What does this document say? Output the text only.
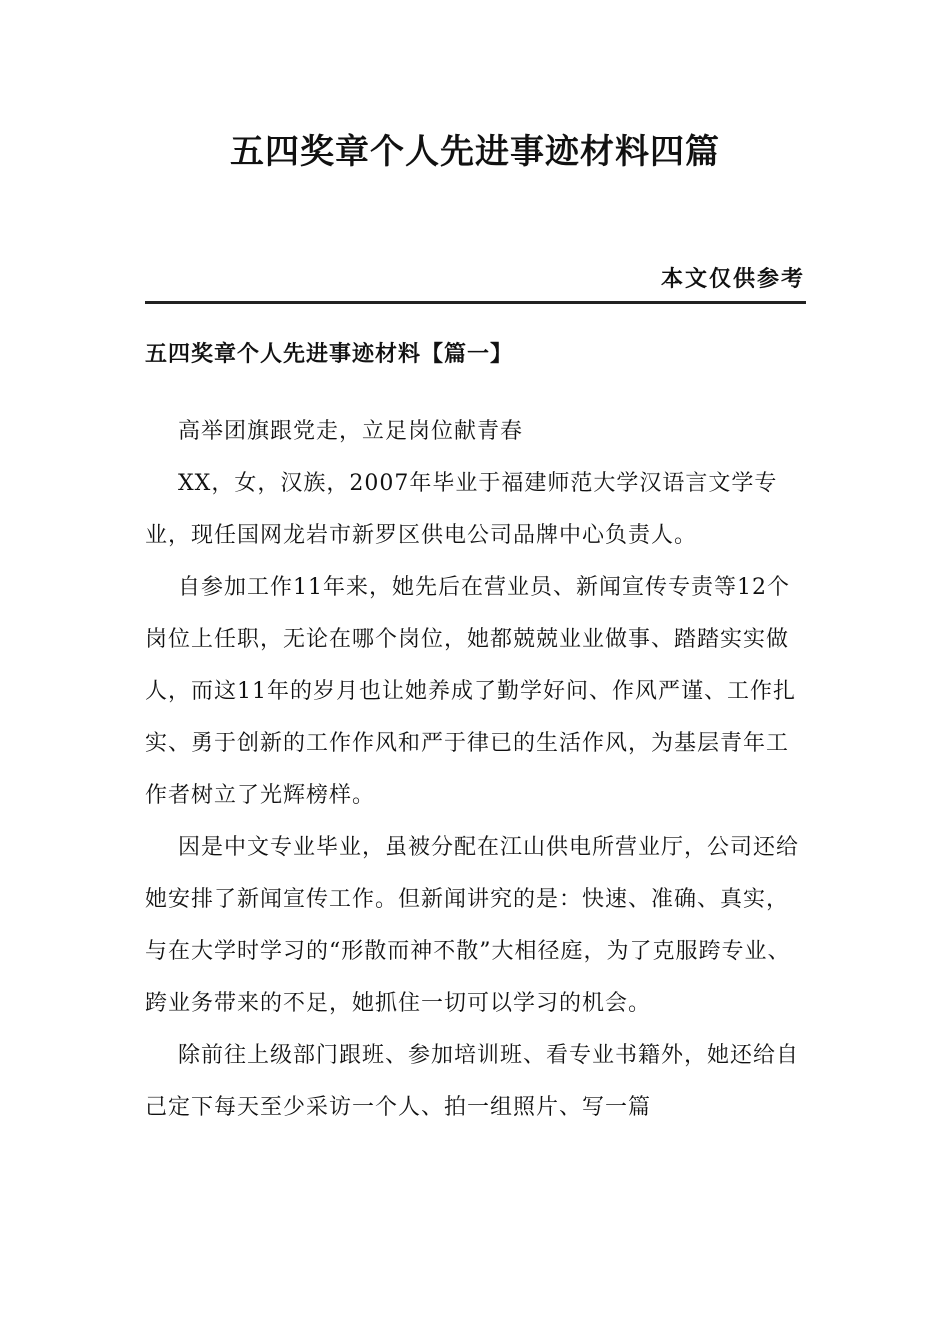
五四奖章个人先进事迹材料四篇
本文仅供参考
五四奖章个人先进事迹材料【篇一】

高举团旗跟党走，立足岗位献青春

XX，女，汉族，2007年毕业于福建师范大学汉语言文学专业，现任国网龙岩市新罗区供电公司品牌中心负责人。

自参加工作11年来，她先后在营业员、新闻宣传专责等12个岗位上任职，无论在哪个岗位，她都兢兢业业做事、踏踏实实做人，而这11年的岁月也让她养成了勤学好问、作风严谨、工作扎实、勇于创新的工作作风和严于律已的生活作风，为基层青年工作者树立了光辉榜样。

因是中文专业毕业，虽被分配在江山供电所营业厅，公司还给她安排了新闻宣传工作。但新闻讲究的是：快速、准确、真实，与在大学时学习的“形散而神不散”大相径庭，为了克服跨专业、跨业务带来的不足，她抓住一切可以学习的机会。

除前往上级部门跟班、参加培训班、看专业书籍外，她还给自己定下每天至少采访一个人、拍一组照片、写一篇
